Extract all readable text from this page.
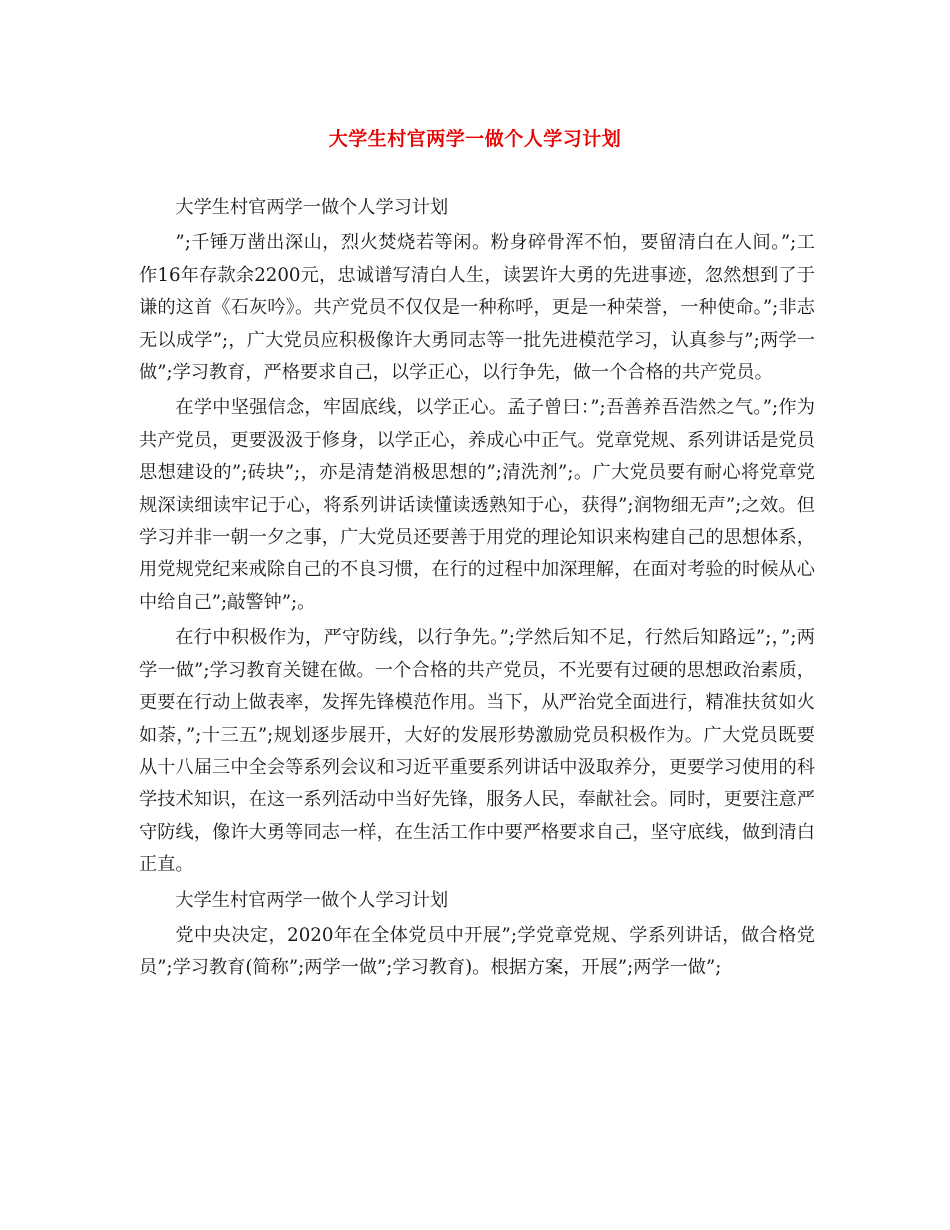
大学生村官两学一做个人学习计划

大学生村官两学一做个人学习计划

”;千锤万凿出深山，烈火焚烧若等闲。粉身碎骨浑不怕，要留清白在人间。”;工作16年存款余2200元，忠诚谱写清白人生，读罢许大勇的先进事迹，忽然想到了于谦的这首《石灰吟》。共产党员不仅仅是一种称呼，更是一种荣誉，一种使命。”;非志无以成学”;，广大党员应积极像许大勇同志等一批先进模范学习，认真参与”;两学一做”;学习教育，严格要求自己，以学正心，以行争先，做一个合格的共产党员。

在学中坚强信念，牢固底线，以学正心。孟子曾曰：”;吾善养吾浩然之气。”;作为共产党员，更要汲汲于修身，以学正心，养成心中正气。党章党规、系列讲话是党员思想建设的”;砖块”;，亦是清楚消极思想的”;清洗剂”;。广大党员要有耐心将党章党规深读细读牢记于心，将系列讲话读懂读透熟知于心，获得”;润物细无声”;之效。但学习并非一朝一夕之事，广大党员还要善于用党的理论知识来构建自己的思想体系，用党规党纪来戒除自己的不良习惯，在行的过程中加深理解，在面对考验的时候从心中给自己”;敲警钟”;。

在行中积极作为，严守防线，以行争先。”;学然后知不足，行然后知路远”;，”;两学一做”;学习教育关键在做。一个合格的共产党员，不光要有过硬的思想政治素质，更要在行动上做表率，发挥先锋模范作用。当下，从严治党全面进行，精准扶贫如火如荼，”;十三五”;规划逐步展开，大好的发展形势激励党员积极作为。广大党员既要从十八届三中全会等系列会议和习近平重要系列讲话中汲取养分，更要学习使用的科学技术知识，在这一系列活动中当好先锋，服务人民，奉献社会。同时，更要注意严守防线，像许大勇等同志一样，在生活工作中要严格要求自己，坚守底线，做到清白正直。

大学生村官两学一做个人学习计划

党中央决定，2020年在全体党员中开展”;学党章党规、学系列讲话，做合格党员”;学习教育(简称”;两学一做”;学习教育)。根据方案，开展”;两学一做”;
